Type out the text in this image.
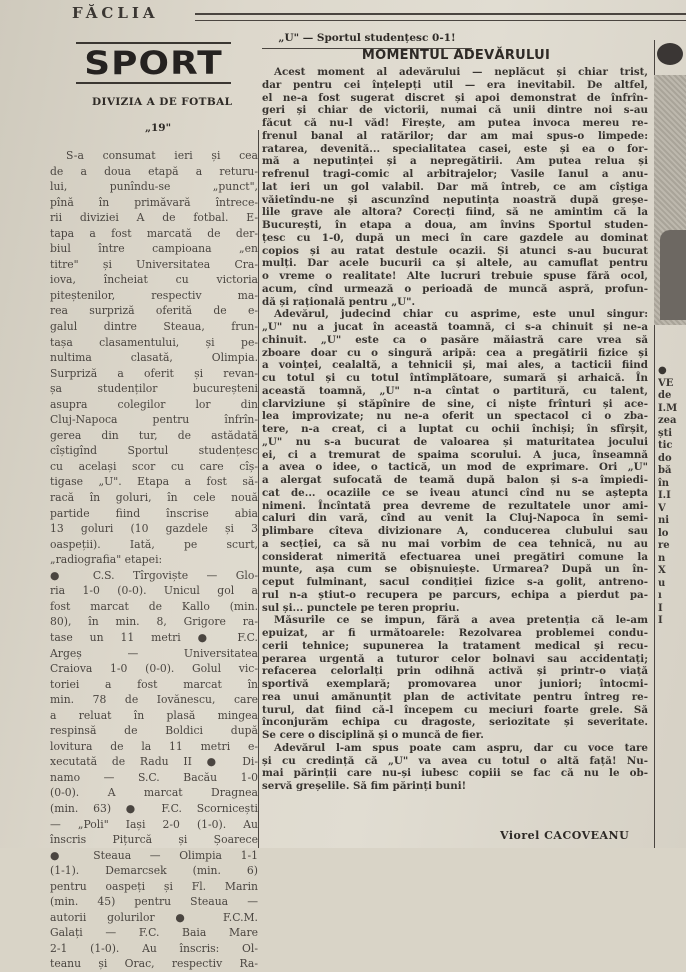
FĂCLIA
SPORT
DIVIZIA A DE FOTBAL
„19"
S-a consumat ieri și cea
de a doua etapă a returu-
lui, punîndu-se „punct",
pînă în primăvară întrece-
rii diviziei A de fotbal. E-
tapa a fost marcată de der-
biul între campioana „en
titre" și Universitatea Cra-
iova, încheiat cu victoria
piteștenilor, respectiv ma-
rea surpriză oferită de e-
galul dintre Steaua, frun-
tașa clasamentului, și pe-
nultima clasată, Olimpia.
Surpriză a oferit și revan-
șa studenților bucureșteni
asupra colegilor lor din
Cluj-Napoca pentru înfrîn-
gerea din tur, de astădată
cîștigînd Sportul studențesc
cu același scor cu care cîș-
tigase „U". Etapa a fost să-
racă în goluri, în cele nouă
partide fiind înscrise abia
13 goluri (10 gazdele și 3
oaspeții). Iată, pe scurt,
„radiografia" etapei:
● C.S. Tîrgoviște — Glo-
ria 1-0 (0-0). Unicul gol a
fost marcat de Kallo (min.
80), în min. 8, Grigore ra-
tase un 11 metri ● F.C.
Argeș — Universitatea
Craiova 1-0 (0-0). Golul vic-
toriei a fost marcat în
min. 78 de Iovănescu, care
a reluat în plasă mingea
respinsă de Boldici după
lovitura de la 11 metri e-
xecutată de Radu II ● Di-
namo — S.C. Bacău 1-0
(0-0). A marcat Dragnea
(min. 63) ● F.C. Scornicești
— „Poli" Iași 2-0 (1-0). Au
înscris Pițurcă și Șoarece
● Steaua — Olimpia 1-1
(1-1). Demarcsek (min. 6)
pentru oaspeți și Fl. Marin
(min. 45) pentru Steaua —
autorii golurilor ● F.C.M.
Galați — F.C. Baia Mare
2-1 (1-0). Au înscris: Ol-
teanu și Orac, respectiv Ra-
„U" — Sportul studențesc 0-1!
MOMENTUL ADEVĂRULUI
Acest moment al adevărului — neplăcut și chiar trist,
dar pentru cei înțelepți util — era inevitabil. De altfel,
el ne-a fost sugerat discret și apoi demonstrat de înfrîn-
geri și chiar de victorii, numai că unii dintre noi s-au
făcut că nu-l văd! Firește, am putea invoca mereu re-
frenul banal al ratărilor; dar am mai spus-o limpede:
ratarea, devenită... specialitatea casei, este și ea o for-
mă a neputinței și a nepregătirii. Am putea relua și
refrenul tragi-comic al arbitrajelor; Vasile Ianul a anu-
lat ieri un gol valabil. Dar mă întreb, ce am cîștiga
văietîndu-ne și ascunzînd neputința noastră după greșe-
lile grave ale altora? Corecți fiind, să ne amintim că la
București, în etapa a doua, am învins Sportul studen-
țesc cu 1-0, după un meci în care gazdele au dominat
copios și au ratat destule ocazii. Și atunci s-au bucurat
mulți. Dar acele bucurii ca și altele, au camuflat pentru
o vreme o realitate! Alte lucruri trebuie spuse fără ocol,
acum, cînd urmează o perioadă de muncă aspră, profun-
dă și rațională pentru „U".
Adevărul, judecind chiar cu asprime, este unul singur:
„U" nu a jucat în această toamnă, ci s-a chinuit și ne-a
chinuit. „U" este ca o pasăre măiastră care vrea să
zboare doar cu o singură aripă: cea a pregătirii fizice și
a voinței, cealaltă, a tehnicii și, mai ales, a tacticii fiind
cu totul și cu totul întîmplătoare, sumară și arhaică. În
această toamnă, „U" n-a cîntat o partitură, cu talent,
clarviziune și stăpînire de sine, ci niște frînturi și ace-
lea improvizate; nu ne-a oferit un spectacol ci o zba-
tere, n-a creat, ci a luptat cu ochii închiși; în sfîrșit,
„U" nu s-a bucurat de valoarea și maturitatea jocului
ei, ci a tremurat de spaima scorului. A juca, înseamnă
a avea o idee, o tactică, un mod de exprimare. Ori „U"
a alergat sufocată de teamă după balon și s-a împiedi-
cat de... ocaziile ce se iveau atunci cînd nu se aștepta
nimeni. Încîntată prea devreme de rezultatele unor ami-
caluri din vară, cînd au venit la Cluj-Napoca în semi-
plimbare cîteva divizionare A, conducerea clubului sau
a secției, ca să nu mai vorbim de cea tehnică, nu au
considerat nimerită efectuarea unei pregătiri comune la
munte, așa cum se obișnuiește. Urmarea? După un în-
ceput fulminant, sacul condiției fizice s-a golit, antreno-
rul n-a știut-o recupera pe parcurs, echipa a pierdut pa-
sul și... punctele pe teren propriu.
Măsurile ce se impun, fără a avea pretenția că le-am
epuizat, ar fi următoarele: Rezolvarea problemei condu-
cerii tehnice; supunerea la tratament medical și recu-
perarea urgentă a tuturor celor bolnavi sau accidentați;
refacerea celorlalți prin odihnă activă și printr-o viață
sportivă exemplară; promovarea unor juniori; întocmi-
rea unui amănunțit plan de activitate pentru întreg re-
turul, dat fiind că-l începem cu meciuri foarte grele. Să
înconjurăm echipa cu dragoste, seriozitate și severitate.
Se cere o disciplină și o muncă de fier.
Adevărul l-am spus poate cam aspru, dar cu voce tare
și cu credință că „U" va avea cu totul o altă față! Nu-
mai părinții care nu-și iubesc copiii se fac că nu le ob-
servă greșelile. Să fim părinți buni!
Viorel CACOVEANU
●
VE
de
I.M
zea
ști
tic
do
bă
în
I.I
V
ni
lo
re
n
X
u
ı
I
I
